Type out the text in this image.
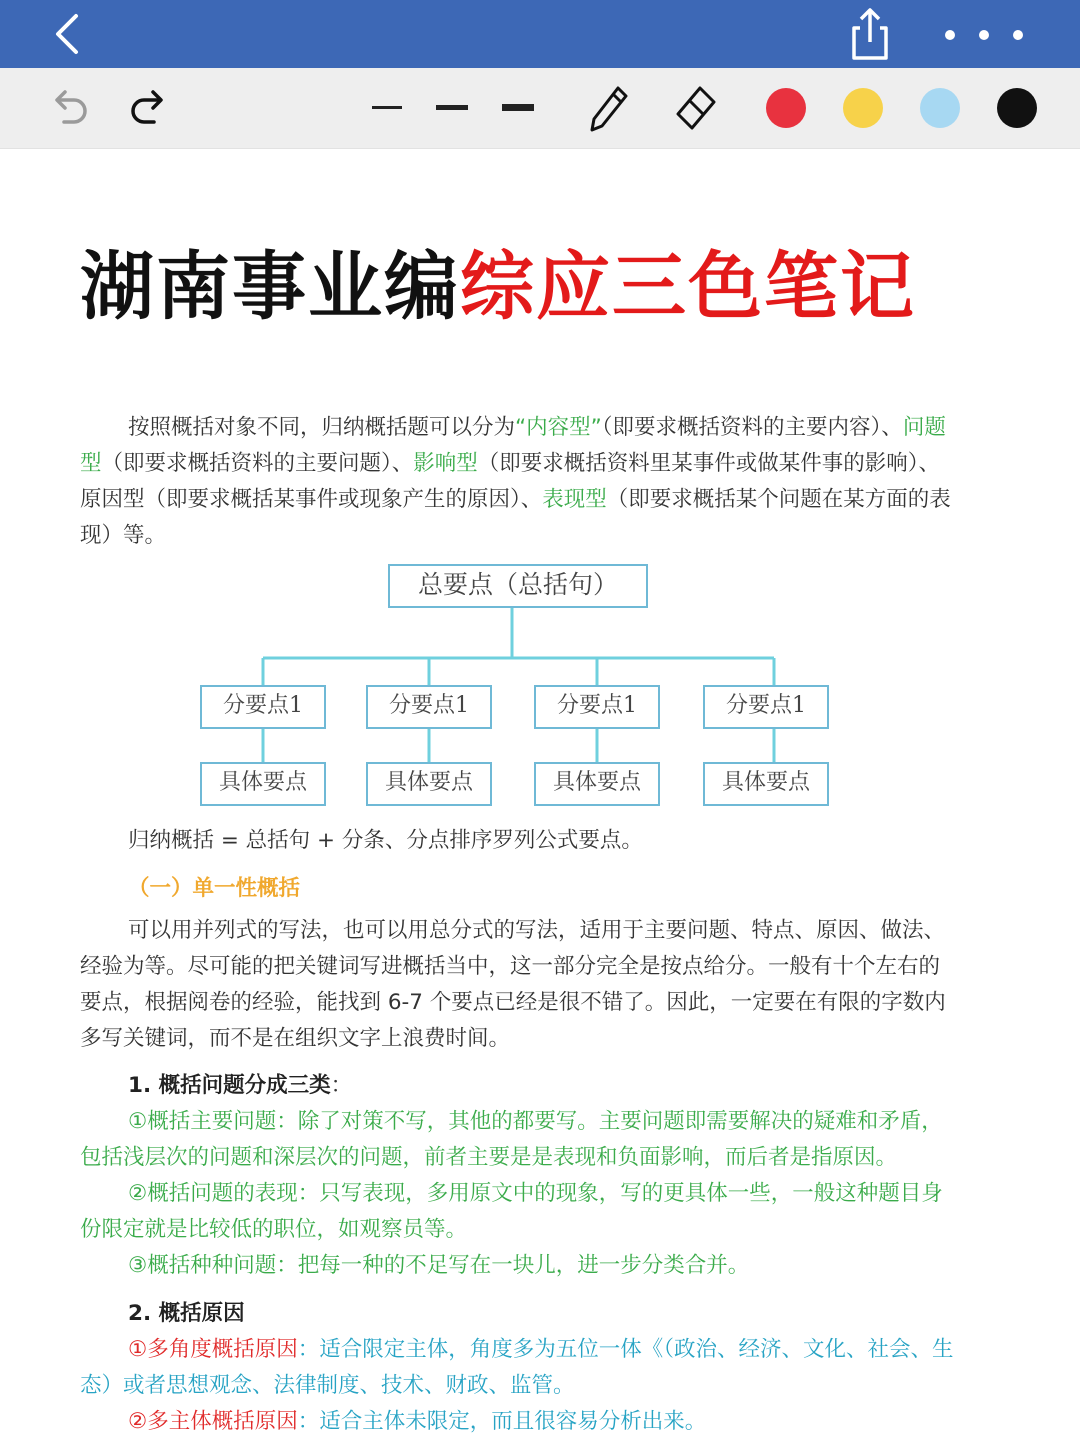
湖南事业编综应三色笔记
按照概括对象不同，归纳概括题可以分为“内容型”（即要求概括资料的主要内容）、问题型（即要求概括资料的主要问题）、影响型（即要求概括资料里某事件或做某件事的影响）、原因型（即要求概括某事件或现象产生的原因）、表现型（即要求概括某个问题在某方面的表现）等。
总要点（总括句）
分要点1	分要点1	分要点1	分要点1
具体要点	具体要点	具体要点	具体要点
归纳概括 = 总括句 + 分条、分点排序罗列公式要点。
（一）单一性概括
可以用并列式的写法，也可以用总分式的写法，适用于主要问题、特点、原因、做法、经验为等。尽可能的把关键词写进概括当中，这一部分完全是按点给分。一般有十个左右的要点，根据阅卷的经验，能找到 6-7 个要点已经是很不错了。因此，一定要在有限的字数内多写关键词，而不是在组织文字上浪费时间。
1. 概括问题分成三类：
①概括主要问题：除了对策不写，其他的都要写。主要问题即需要解决的疑难和矛盾，包括浅层次的问题和深层次的问题，前者主要是是表现和负面影响，而后者是指原因。
②概括问题的表现：只写表现，多用原文中的现象，写的更具体一些，一般这种题目身份限定就是比较低的职位，如观察员等。
③概括种种问题：把每一种的不足写在一块儿，进一步分类合并。
2. 概括原因
①多角度概括原因：适合限定主体，角度多为五位一体《（政治、经济、文化、社会、生态）或者思想观念、法律制度、技术、财政、监管。
②多主体概括原因：适合主体未限定，而且很容易分析出来。
